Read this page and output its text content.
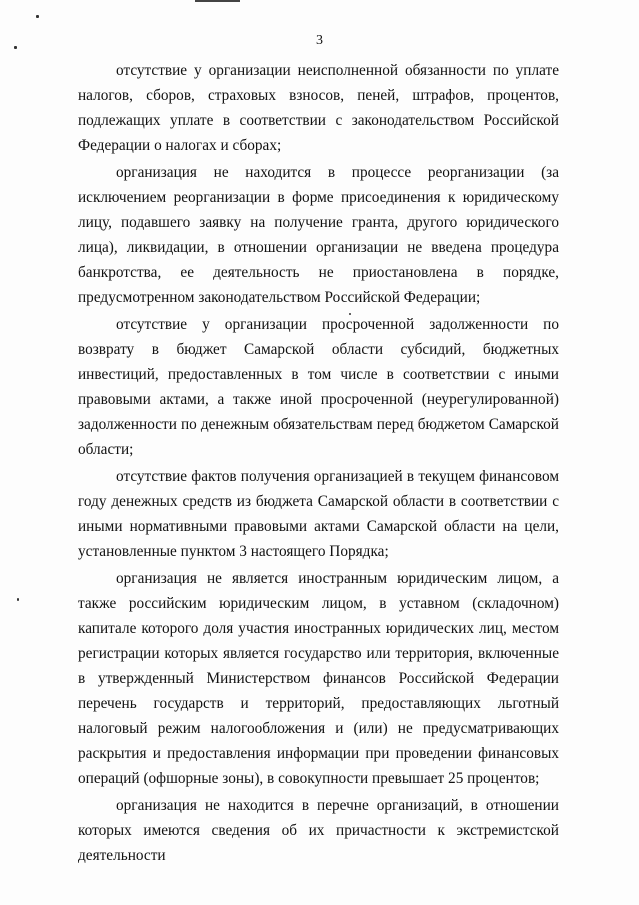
3

отсутствие у организации неисполненной обязанности по уплате налогов, сборов, страховых взносов, пеней, штрафов, процентов, подлежащих уплате в соответствии с законодательством Российской Федерации о налогах и сборах;

организация не находится в процессе реорганизации (за исключением реорганизации в форме присоединения к юридическому лицу, подавшего заявку на получение гранта, другого юридического лица), ликвидации, в отношении организации не введена процедура банкротства, ее деятельность не приостановлена в порядке, предусмотренном законодательством Российской Федерации;

отсутствие у организации просроченной задолженности по возврату в бюджет Самарской области субсидий, бюджетных инвестиций, предоставленных в том числе в соответствии с иными правовыми актами, а также иной просроченной (неурегулированной) задолженности по денежным обязательствам перед бюджетом Самарской области;

отсутствие фактов получения организацией в текущем финансовом году денежных средств из бюджета Самарской области в соответствии с иными нормативными правовыми актами Самарской области на цели, установленные пунктом 3 настоящего Порядка;

организация не является иностранным юридическим лицом, а также российским юридическим лицом, в уставном (складочном) капитале которого доля участия иностранных юридических лиц, местом регистрации которых является государство или территория, включенные в утвержденный Министерством финансов Российской Федерации перечень государств и территорий, предоставляющих льготный налоговый режим налогообложения и (или) не предусматривающих раскрытия и предоставления информации при проведении финансовых операций (офшорные зоны), в совокупности превышает 25 процентов;

организация не находится в перечне организаций, в отношении которых имеются сведения об их причастности к экстремистской деятельности
